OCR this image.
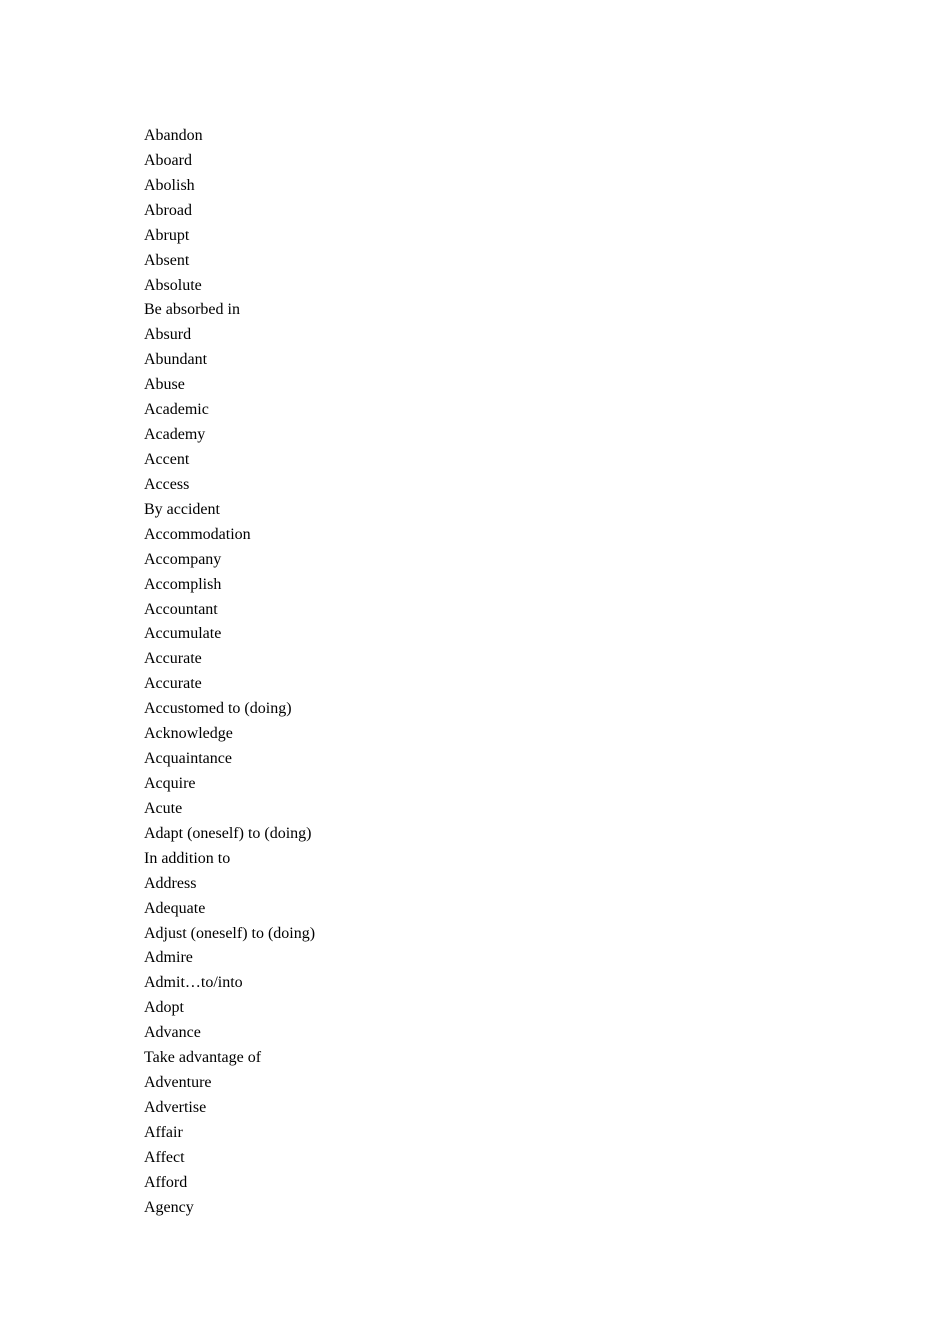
Abandon
Aboard
Abolish
Abroad
Abrupt
Absent
Absolute
Be absorbed in
Absurd
Abundant
Abuse
Academic
Academy
Accent
Access
By accident
Accommodation
Accompany
Accomplish
Accountant
Accumulate
Accurate
Accurate
Accustomed to (doing)
Acknowledge
Acquaintance
Acquire
Acute
Adapt (oneself) to (doing)
In addition to
Address
Adequate
Adjust (oneself) to (doing)
Admire
Admit…to/into
Adopt
Advance
Take advantage of
Adventure
Advertise
Affair
Affect
Afford
Agency
